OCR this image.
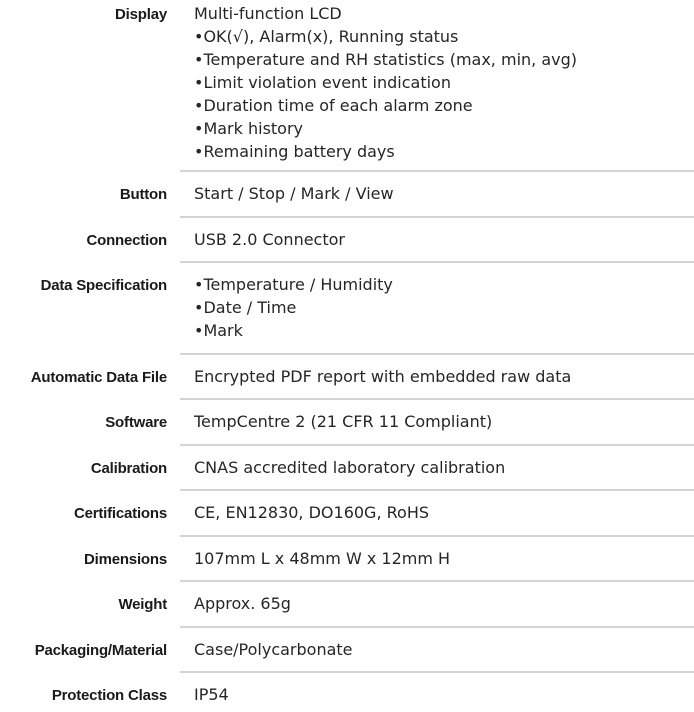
Display Multi-function LCD
•OK(√), Alarm(x), Running status
•Temperature and RH statistics (max, min, avg)
•Limit violation event indication
•Duration time of each alarm zone
•Mark history
•Remaining battery days
Button Start / Stop / Mark / View
Connection USB 2.0 Connector
Data Specification •Temperature / Humidity
•Date / Time
•Mark
Automatic Data File Encrypted PDF report with embedded raw data
Software TempCentre 2 (21 CFR 11 Compliant)
Calibration CNAS accredited laboratory calibration
Certifications CE, EN12830, DO160G, RoHS
Dimensions 107mm L x 48mm W x 12mm H
Weight Approx. 65g
Packaging/Material Case/Polycarbonate
Protection Class IP54
